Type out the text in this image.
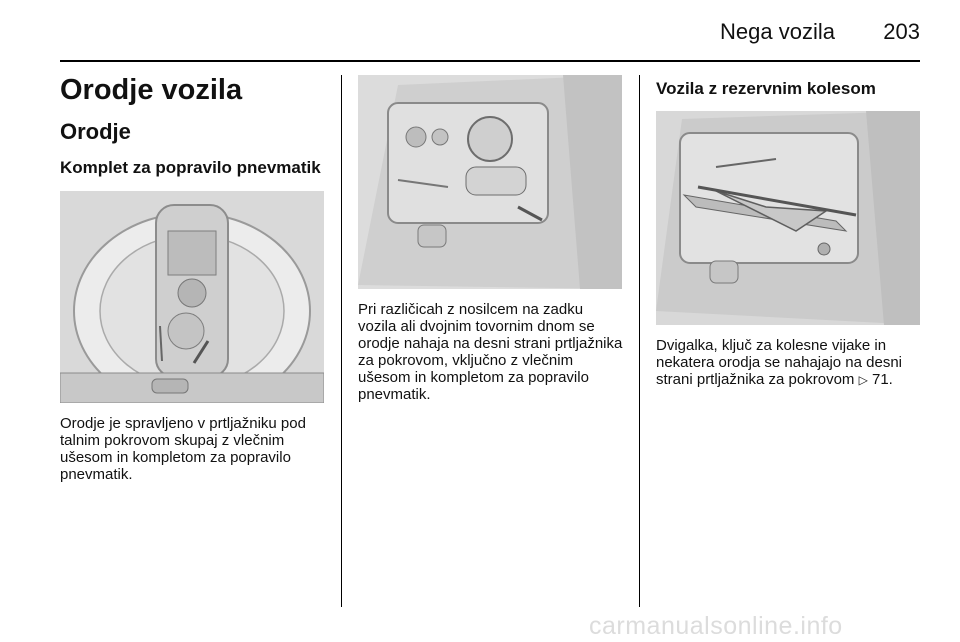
Nega vozila 203
Orodje vozila
Orodje
Komplet za popravilo pnevmatik

Orodje je spravljeno v prtljažniku pod talnim pokrovom skupaj z vlečnim ušesom in kompletom za popravilo pnevmatik.

Pri različicah z nosilcem na zadku vozila ali dvojnim tovornim dnom se orodje nahaja na desni strani prtljažnika za pokrovom, vključno z vlečnim ušesom in kompletom za popravilo pnevmatik.

Vozila z rezervnim kolesom

Dvigalka, ključ za kolesne vijake in nekatera orodja se nahajajo na desni strani prtljažnika za pokrovom ▷ 71.

carmanualsonline.info
